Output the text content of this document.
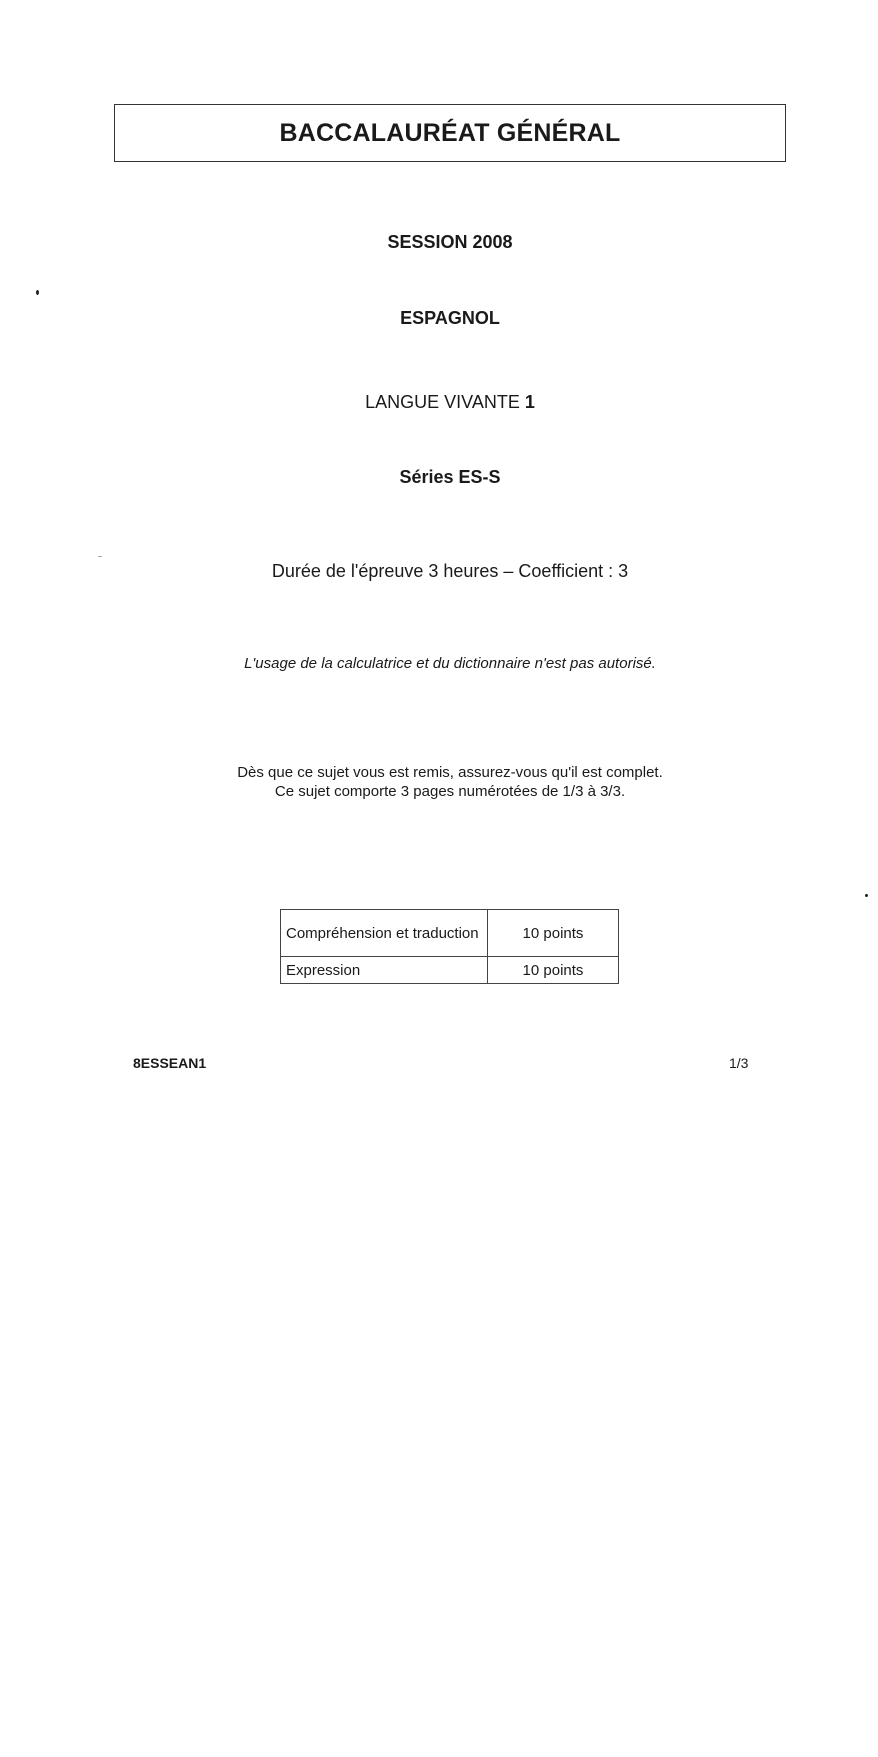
BACCALAURÉAT GÉNÉRAL
SESSION 2008
ESPAGNOL
LANGUE VIVANTE 1
Séries ES-S
Durée de l'épreuve 3 heures – Coefficient : 3
L'usage de la calculatrice et du dictionnaire n'est pas autorisé.
Dès que ce sujet vous est remis, assurez-vous qu'il est complet.
Ce sujet comporte 3 pages numérotées de 1/3 à 3/3.
Compréhension et traduction	10 points
Expression	10 points
8ESSEAN1	1/3
